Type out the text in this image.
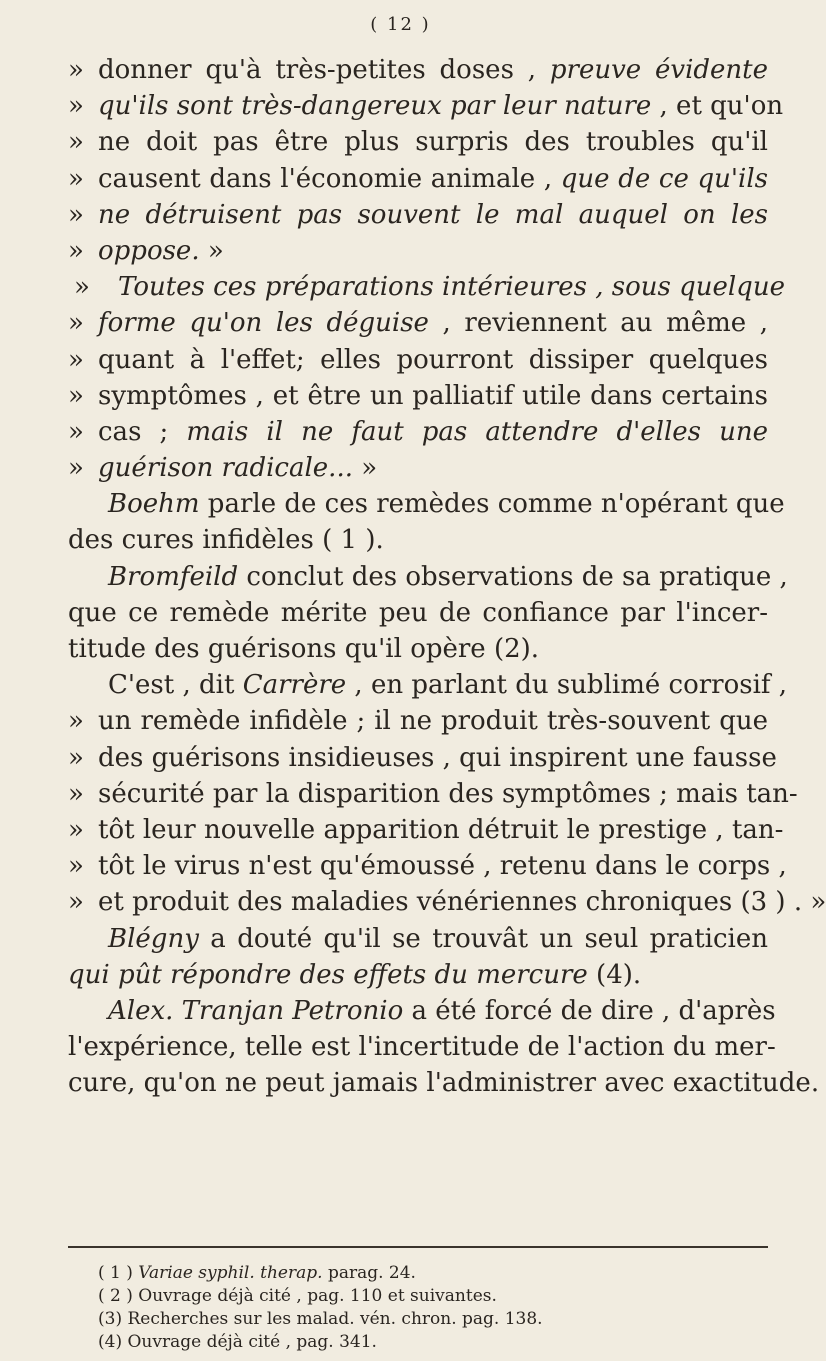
( 12 )
» donner qu'à très-petites doses , preuve évidente
» qu'ils sont très-dangereux par leur nature , et qu'on
» ne doit pas être plus surpris des troubles qu'il
» causent dans l'économie animale , que de ce qu'ils
» ne détruisent pas souvent le mal auquel on les
» oppose. »
» Toutes ces préparations intérieures , sous quelque
» forme qu'on les déguise , reviennent au même ,
» quant à l'effet; elles pourront dissiper quelques
» symptômes , et être un palliatif utile dans certains
» cas ; mais il ne faut pas attendre d'elles une
» guérison radicale... »
Boehm parle de ces remèdes comme n'opérant que
des cures infidèles ( 1 ).
Bromfeild conclut des observations de sa pratique ,
que ce remède mérite peu de confiance par l'incer-
titude des guérisons qu'il opère (2).
C'est , dit Carrère , en parlant du sublimé corrosif ,
» un remède infidèle ; il ne produit très-souvent que
» des guérisons insidieuses , qui inspirent une fausse
» sécurité par la disparition des symptômes ; mais tan-
» tôt leur nouvelle apparition détruit le prestige , tan-
» tôt le virus n'est qu'émoussé , retenu dans le corps ,
» et produit des maladies vénériennes chroniques (3 ) . »
Blégny a douté qu'il se trouvât un seul praticien
qui pût répondre des effets du mercure (4).
Alex. Tranjan Petronio a été forcé de dire , d'après
l'expérience, telle est l'incertitude de l'action du mer-
cure, qu'on ne peut jamais l'administrer avec exactitude.
( 1 ) Variae syphil. therap. parag. 24.
( 2 ) Ouvrage déjà cité , pag. 110 et suivantes.
(3) Recherches sur les malad. vén. chron. pag. 138.
(4) Ouvrage déjà cité , pag. 341.
